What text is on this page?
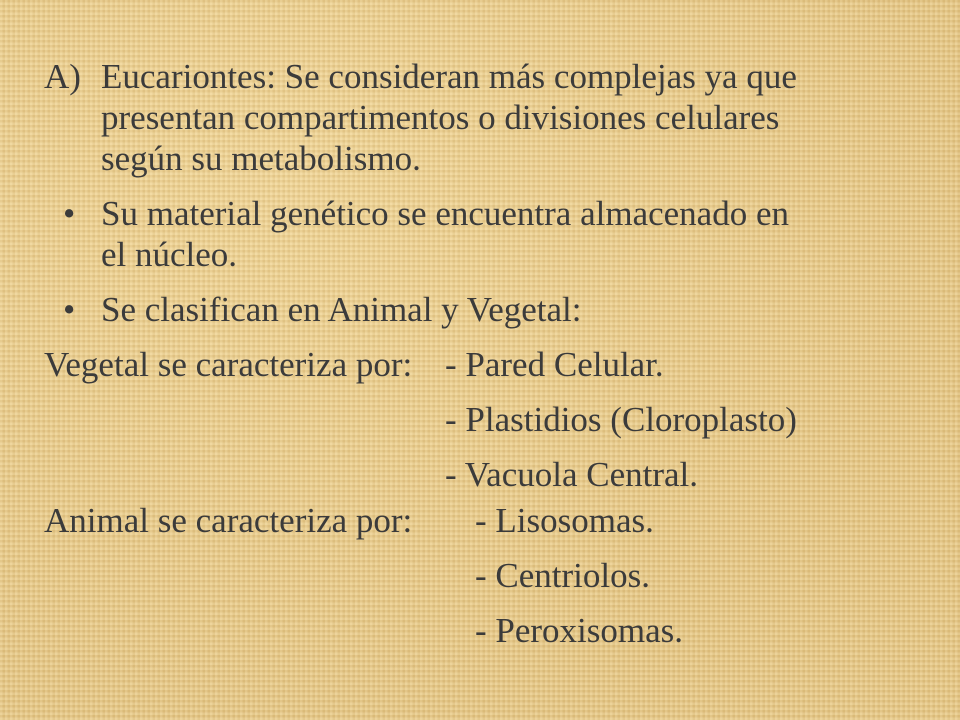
A) Eucariontes: Se consideran más complejas ya que
presentan compartimentos o divisiones celulares
según su metabolismo.
• Su material genético se encuentra almacenado en
el núcleo.
• Se clasifican en Animal y Vegetal:
Vegetal se caracteriza por: - Pared Celular.
- Plastidios (Cloroplasto)
- Vacuola Central.
Animal se caracteriza por: - Lisosomas.
- Centriolos.
- Peroxisomas.
